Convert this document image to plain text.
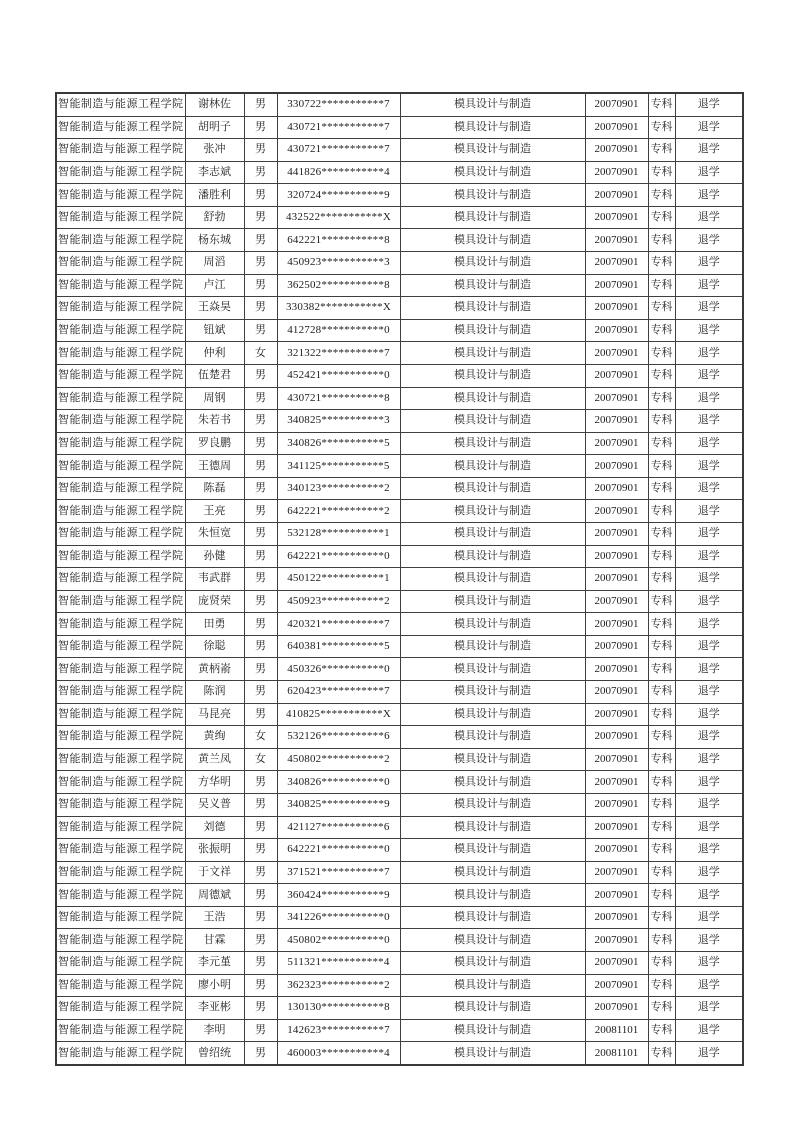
智能制造与能源工程学院	谢林佐	男	330722***********7	模具设计与制造	20070901	专科	退学
智能制造与能源工程学院	胡明子	男	430721***********7	模具设计与制造	20070901	专科	退学
智能制造与能源工程学院	张冲	男	430721***********7	模具设计与制造	20070901	专科	退学
智能制造与能源工程学院	李志斌	男	441826***********4	模具设计与制造	20070901	专科	退学
智能制造与能源工程学院	潘胜利	男	320724***********9	模具设计与制造	20070901	专科	退学
智能制造与能源工程学院	舒勃	男	432522***********X	模具设计与制造	20070901	专科	退学
智能制造与能源工程学院	杨东城	男	642221***********8	模具设计与制造	20070901	专科	退学
智能制造与能源工程学院	周滔	男	450923***********3	模具设计与制造	20070901	专科	退学
智能制造与能源工程学院	卢江	男	362502***********8	模具设计与制造	20070901	专科	退学
智能制造与能源工程学院	王焱昊	男	330382***********X	模具设计与制造	20070901	专科	退学
智能制造与能源工程学院	钮斌	男	412728***********0	模具设计与制造	20070901	专科	退学
智能制造与能源工程学院	仲利	女	321322***********7	模具设计与制造	20070901	专科	退学
智能制造与能源工程学院	伍楚君	男	452421***********0	模具设计与制造	20070901	专科	退学
智能制造与能源工程学院	周钢	男	430721***********8	模具设计与制造	20070901	专科	退学
智能制造与能源工程学院	朱若书	男	340825***********3	模具设计与制造	20070901	专科	退学
智能制造与能源工程学院	罗良鹏	男	340826***********5	模具设计与制造	20070901	专科	退学
智能制造与能源工程学院	王德周	男	341125***********5	模具设计与制造	20070901	专科	退学
智能制造与能源工程学院	陈磊	男	340123***********2	模具设计与制造	20070901	专科	退学
智能制造与能源工程学院	王亮	男	642221***********2	模具设计与制造	20070901	专科	退学
智能制造与能源工程学院	朱恒宽	男	532128***********1	模具设计与制造	20070901	专科	退学
智能制造与能源工程学院	孙健	男	642221***********0	模具设计与制造	20070901	专科	退学
智能制造与能源工程学院	韦武群	男	450122***********1	模具设计与制造	20070901	专科	退学
智能制造与能源工程学院	庞贤荣	男	450923***********2	模具设计与制造	20070901	专科	退学
智能制造与能源工程学院	田勇	男	420321***********7	模具设计与制造	20070901	专科	退学
智能制造与能源工程学院	徐聪	男	640381***********5	模具设计与制造	20070901	专科	退学
智能制造与能源工程学院	黄柄嵛	男	450326***********0	模具设计与制造	20070901	专科	退学
智能制造与能源工程学院	陈润	男	620423***********7	模具设计与制造	20070901	专科	退学
智能制造与能源工程学院	马昆亮	男	410825***********X	模具设计与制造	20070901	专科	退学
智能制造与能源工程学院	黄绚	女	532126***********6	模具设计与制造	20070901	专科	退学
智能制造与能源工程学院	黄兰凤	女	450802***********2	模具设计与制造	20070901	专科	退学
智能制造与能源工程学院	方华明	男	340826***********0	模具设计与制造	20070901	专科	退学
智能制造与能源工程学院	吴义普	男	340825***********9	模具设计与制造	20070901	专科	退学
智能制造与能源工程学院	刘德	男	421127***********6	模具设计与制造	20070901	专科	退学
智能制造与能源工程学院	张振明	男	642221***********0	模具设计与制造	20070901	专科	退学
智能制造与能源工程学院	于文祥	男	371521***********7	模具设计与制造	20070901	专科	退学
智能制造与能源工程学院	周德斌	男	360424***********9	模具设计与制造	20070901	专科	退学
智能制造与能源工程学院	王浩	男	341226***********0	模具设计与制造	20070901	专科	退学
智能制造与能源工程学院	甘霖	男	450802***********0	模具设计与制造	20070901	专科	退学
智能制造与能源工程学院	李元堇	男	511321***********4	模具设计与制造	20070901	专科	退学
智能制造与能源工程学院	廖小明	男	362323***********2	模具设计与制造	20070901	专科	退学
智能制造与能源工程学院	李亚彬	男	130130***********8	模具设计与制造	20070901	专科	退学
智能制造与能源工程学院	李明	男	142623***********7	模具设计与制造	20081101	专科	退学
智能制造与能源工程学院	曾绍统	男	460003***********4	模具设计与制造	20081101	专科	退学
